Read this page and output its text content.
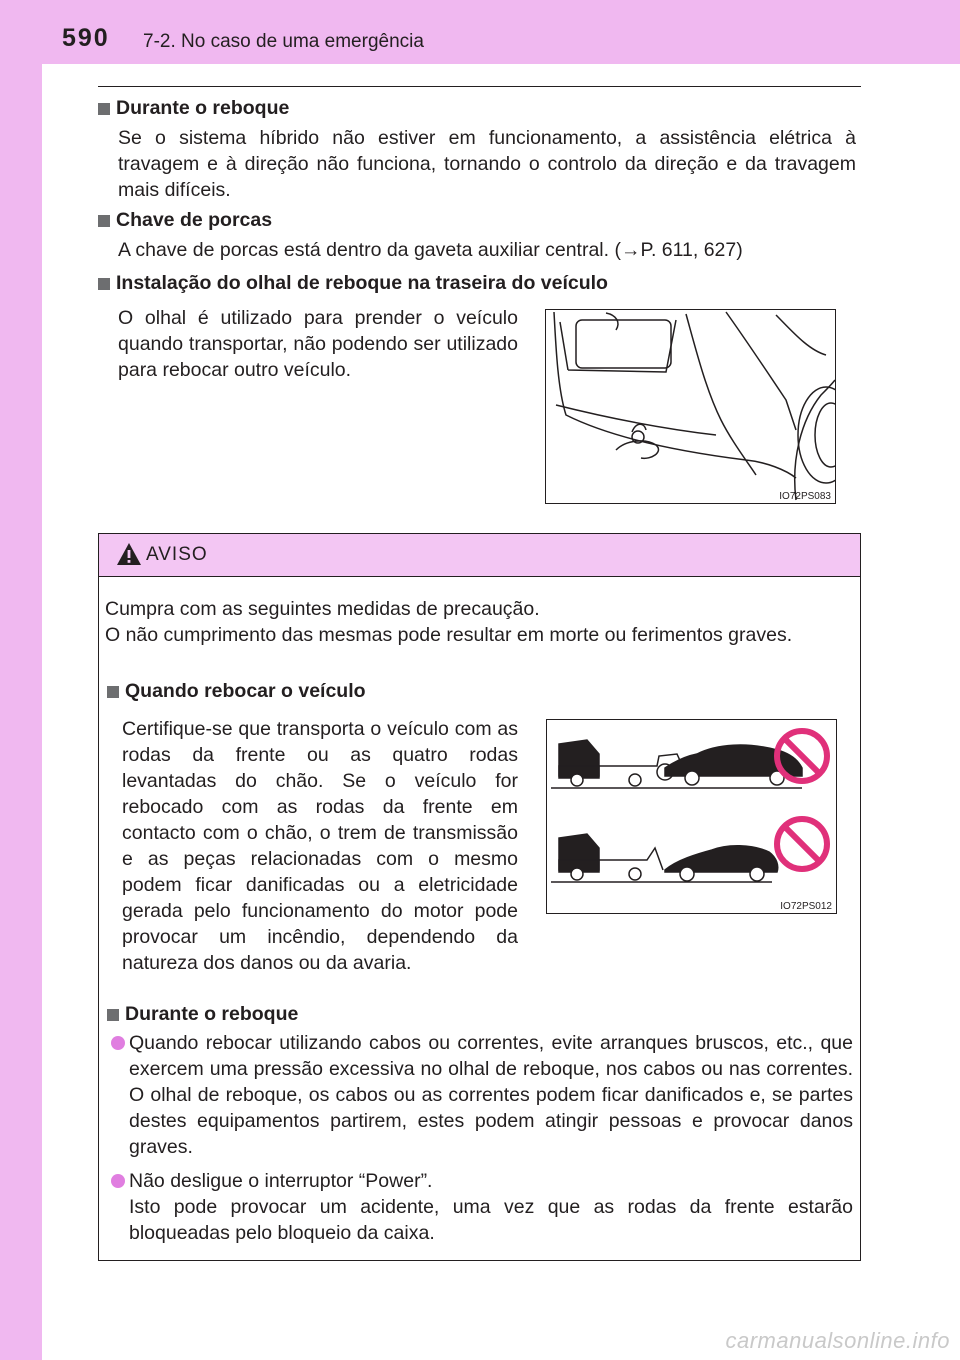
590 7-2. No caso de uma emergência
Durante o reboque
Se o sistema híbrido não estiver em funcionamento, a assistência elétrica à travagem e à direção não funciona, tornando o controlo da direção e da travagem mais difíceis.
Chave de porcas
A chave de porcas está dentro da gaveta auxiliar central. (→P. 611, 627)
Instalação do olhal de reboque na traseira do veículo
O olhal é utilizado para prender o veículo quando transportar, não podendo ser utilizado para rebocar outro veículo.
IO72PS083
AVISO
Cumpra com as seguintes medidas de precaução.
O não cumprimento das mesmas pode resultar em morte ou ferimentos graves.
Quando rebocar o veículo
Certifique-se que transporta o veículo com as rodas da frente ou as quatro rodas levantadas do chão. Se o veículo for rebocado com as rodas da frente em contacto com o chão, o trem de transmissão e as peças relacionadas com o mesmo podem ficar danificadas ou a eletricidade gerada pelo funcionamento do motor pode provocar um incêndio, dependendo da natureza dos danos ou da avaria.
IO72PS012
Durante o reboque
Quando rebocar utilizando cabos ou correntes, evite arranques bruscos, etc., que exercem uma pressão excessiva no olhal de reboque, nos cabos ou nas correntes. O olhal de reboque, os cabos ou as correntes podem ficar danificados e, se partes destes equipamentos partirem, estes podem atingir pessoas e provocar danos graves.
Não desligue o interruptor “Power”.
Isto pode provocar um acidente, uma vez que as rodas da frente estarão bloqueadas pelo bloqueio da caixa.
carmanualsonline.info
